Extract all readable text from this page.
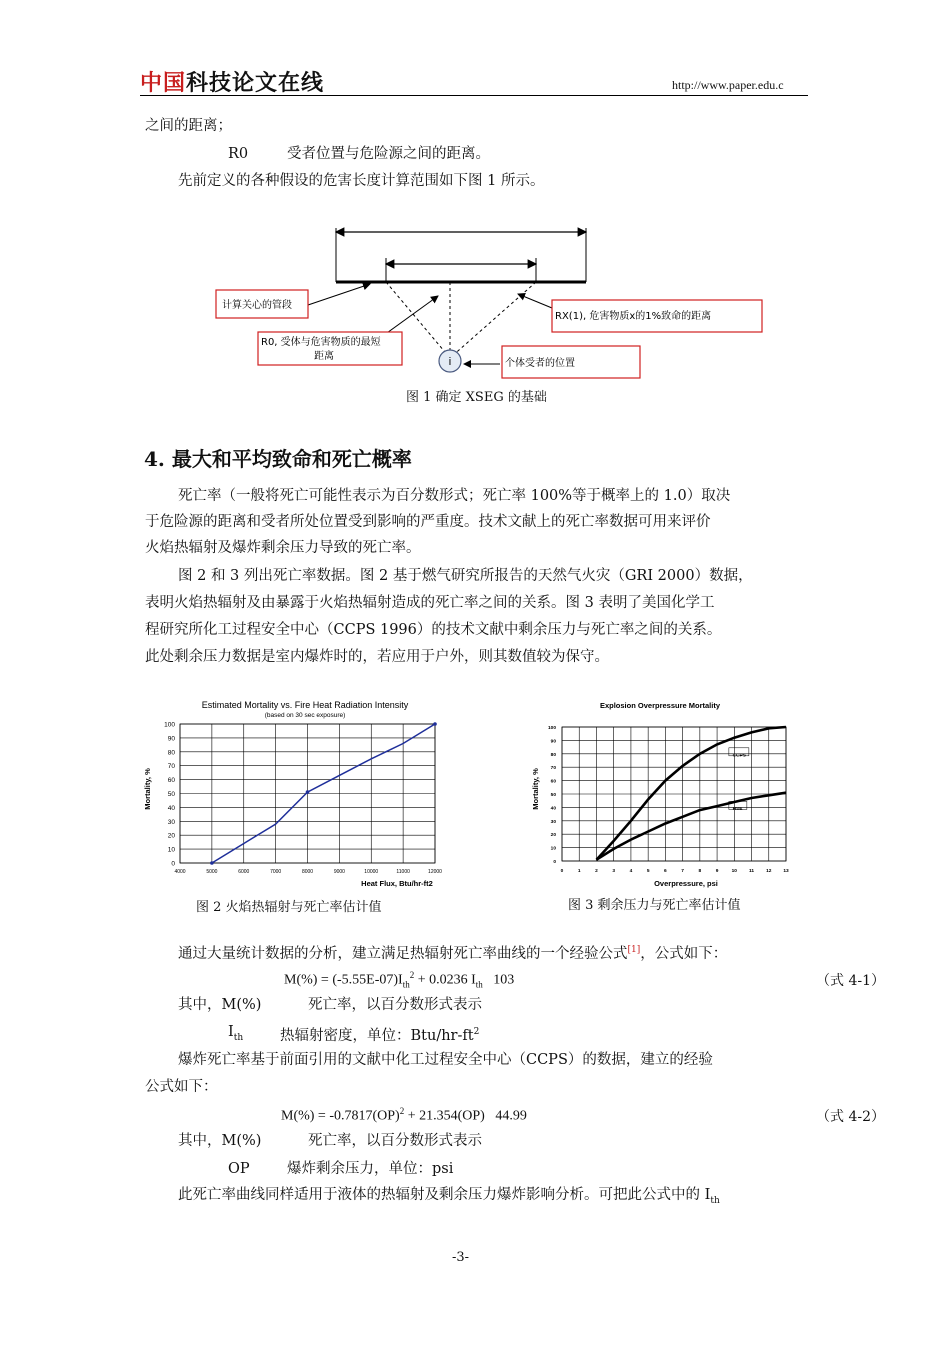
中国科技论文在线	http://www.paper.edu.c
之间的距离；
R0	受者位置与危险源之间的距离。
先前定义的各种假设的危害长度计算范围如下图 1 所示。
i
计算关心的管段
R0, 受体与危害物质的最短
距离
RX(1), 危害物质x的1%致命的距离
个体受者的位置
图 1 确定 XSEG 的基础
4. 最大和平均致命和死亡概率
死亡率（一般将死亡可能性表示为百分数形式；死亡率 100%等于概率上的 1.0）取决
于危险源的距离和受者所处位置受到影响的严重度。技术文献上的死亡率数据可用来评价
火焰热辐射及爆炸剩余压力导致的死亡率。
图 2 和 3 列出死亡率数据。图 2 基于燃气研究所报告的天然气火灾（GRI 2000）数据，
表明火焰热辐射及由暴露于火焰热辐射造成的死亡率之间的关系。图 3 表明了美国化学工
程研究所化工过程安全中心（CCPS 1996）的技术文献中剩余压力与死亡率之间的关系。
此处剩余压力数据是室内爆炸时的，若应用于户外，则其数值较为保守。
Estimated Mortality vs. Fire Heat Radiation Intensity
(based on 30 sec exposure)
0
10
20
30
40
50
60
70
80
90
100
4000	5000	6000	7000	8000	9000	10000	11000	12000
Heat Flux, Btu/hr-ft2
Mortality, %
图 2 火焰热辐射与死亡率估计值
Explosion Overpressure Mortality
0
10
20
30
40
50
60
70
80
90
100
0	1	2	3	4	5	6	7	8	9	10	11	12 13
CCPS
HSE
Overpressure, psi
Mortality, %
图 3 剩余压力与死亡率估计值
通过大量统计数据的分析，建立满足热辐射死亡率曲线的一个经验公式[1]，公式如下：
$M(\%) = (-5.55E-07)I_{th}^2 + 0.0236$ $I_{th}$ 103	（式 4-1）
其中，M(%)	死亡率，以百分数形式表示
$I_{th}$	热辐射密度，单位：Btu/$hr-ft^2$
爆炸死亡率基于前面引用的文献中化工过程安全中心（CCPS）的数据，建立的经验
公式如下：
M(%) = -0.7817(OP)$^2$ + 21.354(OP) 44.99	（式 4-2）
其中，M(%)	死亡率，以百分数形式表示
OP	爆炸剩余压力，单位：psi
此死亡率曲线同样适用于液体的热辐射及剩余压力爆炸影响分析。可把此公式中的 $I_{th}$
-3-
